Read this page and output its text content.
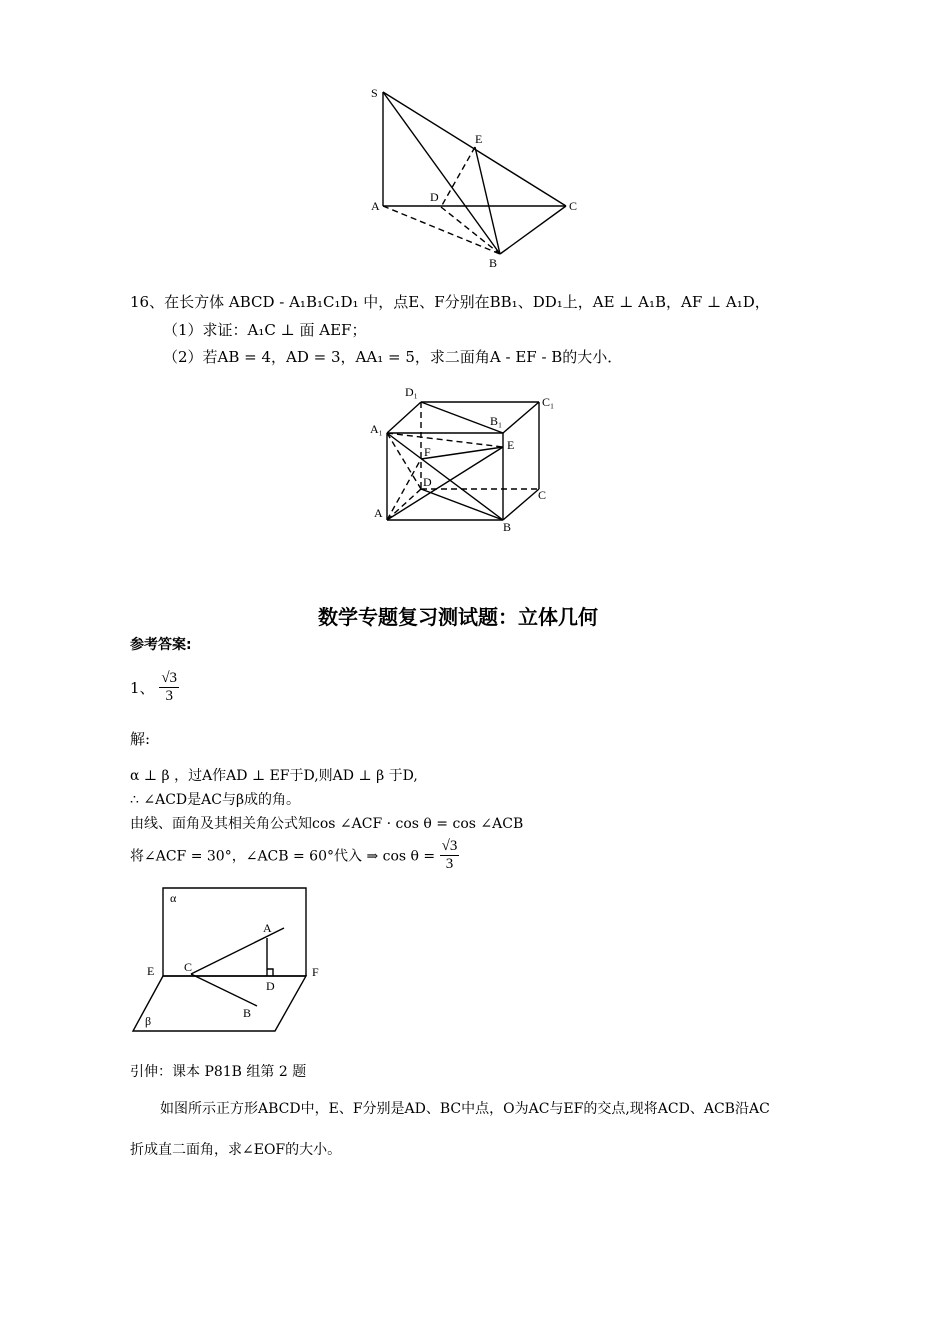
S
A
B
C
D
E
16、在长方体 ABCD - A₁B₁C₁D₁ 中，点E、F分别在BB₁、DD₁上，AE ⊥ A₁B，AF ⊥ A₁D，
（1）求证：A₁C ⊥ 面 AEF；
（2）若AB = 4，AD = 3，AA₁ = 5，求二面角A - EF - B的大小．
D₁
C₁
A₁
B₁
E
F
D
C
A
B
数学专题复习测试题：立体几何
参考答案:
1、 $\frac{√3}{3}$
解:
α ⊥ β ，过A作AD ⊥ EF于D,则AD ⊥ β 于D,
∴ ∠ACD是AC与β成的角。
由线、面角及其相关角公式知cos ∠ACF · cos θ = cos ∠ACB
将∠ACF = 30°，∠ACB = 60°代入 ⇒ $\cos \theta = \frac{√3}{3}$
α
A
E C	F
D
B
β
引伸：课本 P81B 组第 2 题
如图所示正方形ABCD中，E、F分别是AD、BC中点，O为AC与EF的交点,现将ACD、ACB沿AC
折成直二面角，求∠EOF的大小。
